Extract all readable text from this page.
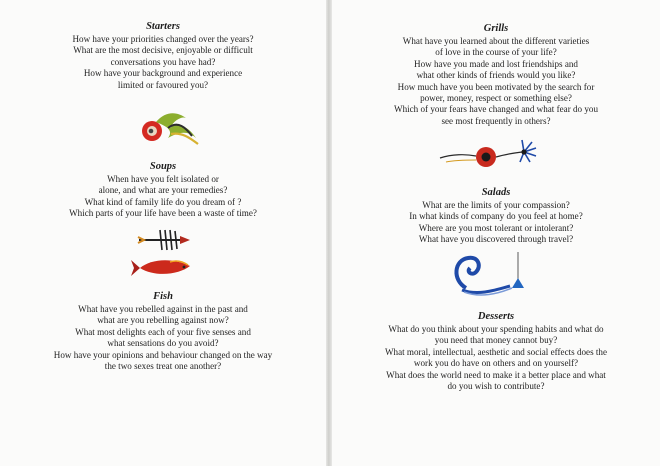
Starters
How have your priorities changed over the years?
What are the most decisive, enjoyable or difficult
conversations you have had?
How have your background and experience
limited or favoured you?
Soups
When have you felt isolated or
alone, and what are your remedies?
What kind of family life do you dream of ?
Which parts of your life have been a waste of time?
Fish
What have you rebelled against in the past and
what are you rebelling against now?
What most delights each of your five senses and
what sensations do you avoid?
How have your opinions and behaviour changed on the way
the two sexes treat one another?
Grills
What have you learned about the different varieties
of love in the course of your life?
How have you made and lost friendships and
what other kinds of friends would you like?
How much have you been motivated by the search for
power, money, respect or something else?
Which of your fears have changed and what fear do you
see most frequently in others?
Salads
What are the limits of your compassion?
In what kinds of company do you feel at home?
Where are you most tolerant or intolerant?
What have you discovered through travel?
Desserts
What do you think about your spending habits and what do
you need that money cannot buy?
What moral, intellectual, aesthetic and social effects does the
work you do have on others and on yourself?
What does the world need to make it a better place and what
do you wish to contribute?
